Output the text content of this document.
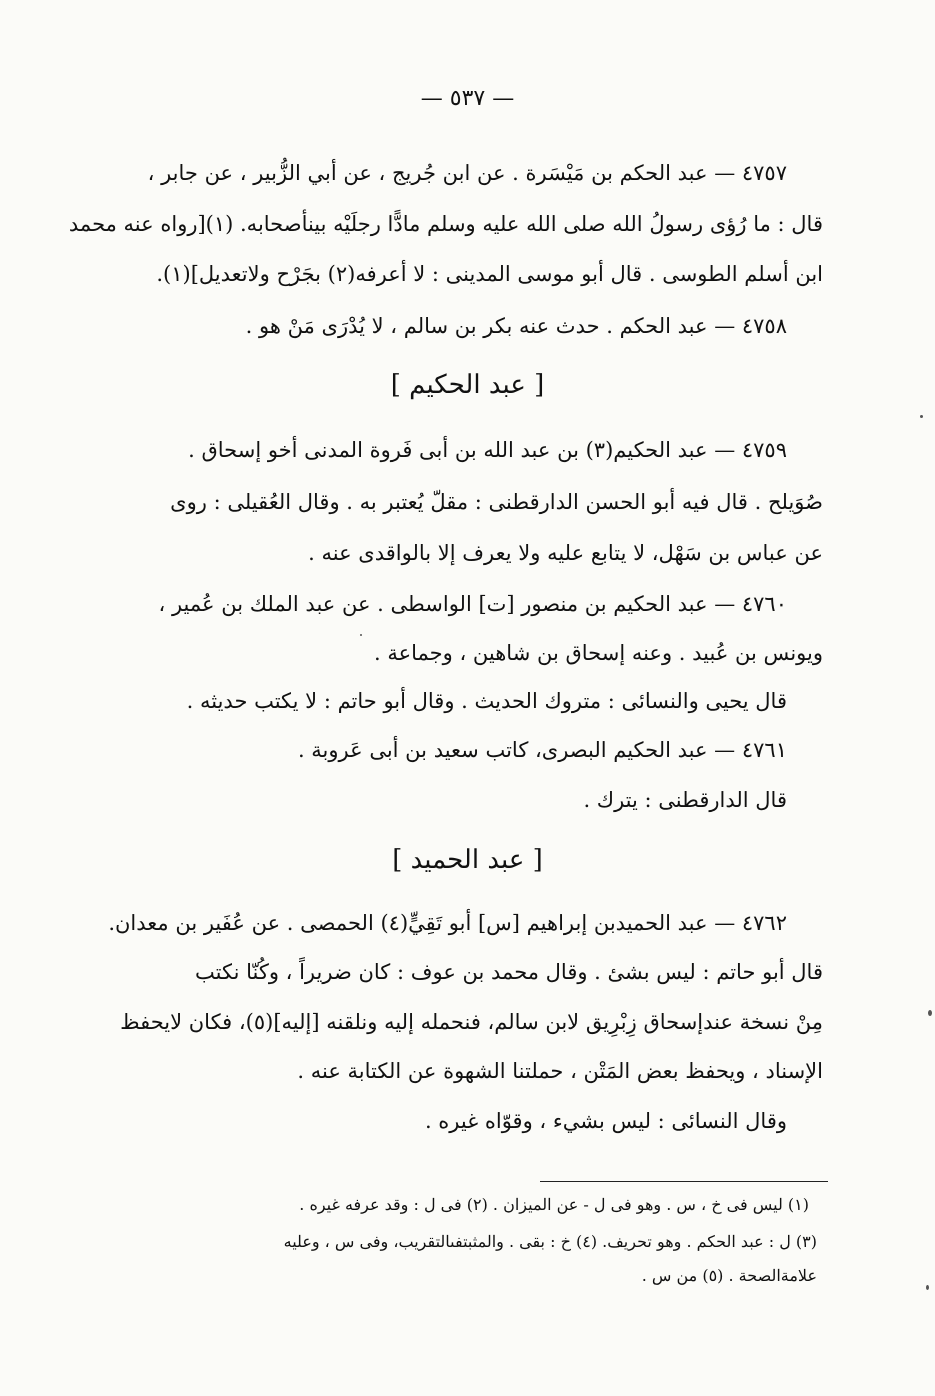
— ٥٣٧ —
٤٧٥٧ — عبد الحكم بن مَيْسَرة . عن ابن جُريج ، عن أبي الزُّبير ، عن جابر ،
قال : ما رُؤى رسولُ الله صلى الله عليه وسلم مادًّا رجلَيْه بينأصحابه. (١)[رواه عنه محمد
ابن أسلم الطوسى . قال أبو موسى المدينى : لا أعرفه(٢) بجَرْح ولاتعديل](١).
٤٧٥٨ — عبد الحكم . حدث عنه بكر بن سالم ، لا يُدْرَى مَنْ هو .
[ عبد الحكيم ]
٤٧٥٩ — عبد الحكيم(٣) بن عبد الله بن أبى فَروة المدنى أخو إسحاق .
صُوَيلح . قال فيه أبو الحسن الدارقطنى : مقلّ يُعتبر به . وقال العُقيلى : روى
عن عباس بن سَهْل، لا يتابع عليه ولا يعرف إلا بالواقدى عنه .
٤٧٦٠ — عبد الحكيم بن منصور [ت] الواسطى . عن عبد الملك بن عُمير ،
ويونس بن عُبيد . وعنه إسحاق بن شاهين ، وجماعة .
قال يحيى والنسائى : متروك الحديث . وقال أبو حاتم : لا يكتب حديثه .
٤٧٦١ — عبد الحكيم البصرى، كاتب سعيد بن أبى عَروبة .
قال الدارقطنى : يترك .
[ عبد الحميد ]
٤٧٦٢ — عبد الحميدبن إبراهيم [س] أبو تَقِيٍّ(٤) الحمصى . عن عُفَير بن معدان.
قال أبو حاتم : ليس بشئ . وقال محمد بن عوف : كان ضريراً ، وكُنّا نكتب
مِنْ نسخة عندإسحاق زِبْرِيق لابن سالم، فنحمله إليه ونلقنه [إليه](٥)، فكان لايحفظ
الإسناد ، ويحفظ بعض المَتْن ، حملتنا الشهوة عن الكتابة عنه .
وقال النسائى : ليس بشيء ، وقوّاه غيره .
(١) ليس فى خ ، س . وهو فى ل - عن الميزان . (٢) فى ل : وقد عرفه غيره .
(٣) ل : عبد الحكم . وهو تحريف. (٤) خ : بقى . والمثبتفىالتقريب، وفى س ، وعليه
علامةالصحة . (٥) من س .
